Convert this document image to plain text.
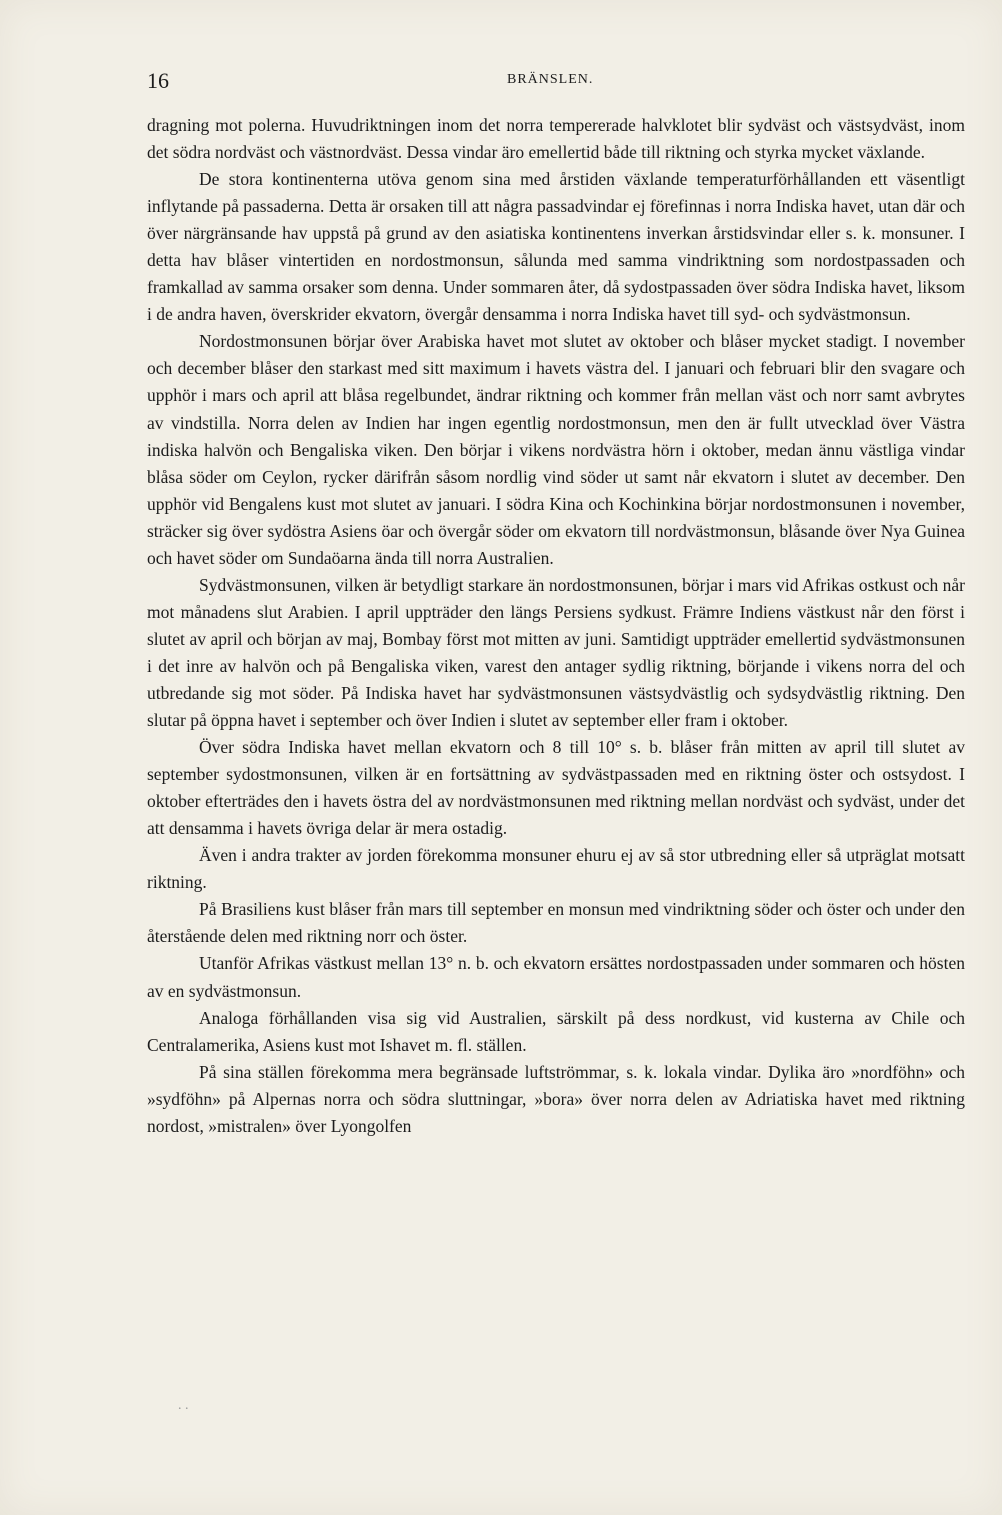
16	BRÄNSLEN.

dragning mot polerna. Huvudriktningen inom det norra tempererade halvklotet blir sydväst och västsydväst, inom det södra nordväst och västnordväst. Dessa vindar äro emellertid både till riktning och styrka mycket växlande.

De stora kontinenterna utöva genom sina med årstiden växlande temperaturförhållanden ett väsentligt inflytande på passaderna. Detta är orsaken till att några passadvindar ej förefinnas i norra Indiska havet, utan där och över närgränsande hav uppstå på grund av den asiatiska kontinentens inverkan årstidsvindar eller s. k. monsuner. I detta hav blåser vintertiden en nordostmonsun, sålunda med samma vindriktning som nordostpassaden och framkallad av samma orsaker som denna. Under sommaren åter, då sydostpassaden över södra Indiska havet, liksom i de andra haven, överskrider ekvatorn, övergår densamma i norra Indiska havet till syd- och sydvästmonsun.

Nordostmonsunen börjar över Arabiska havet mot slutet av oktober och blåser mycket stadigt. I november och december blåser den starkast med sitt maximum i havets västra del. I januari och februari blir den svagare och upphör i mars och april att blåsa regelbundet, ändrar riktning och kommer från mellan väst och norr samt avbrytes av vindstilla. Norra delen av Indien har ingen egentlig nordostmonsun, men den är fullt utvecklad över Västra indiska halvön och Bengaliska viken. Den börjar i vikens nordvästra hörn i oktober, medan ännu västliga vindar blåsa söder om Ceylon, rycker därifrån såsom nordlig vind söder ut samt når ekvatorn i slutet av december. Den upphör vid Bengalens kust mot slutet av januari. I södra Kina och Kochinkina börjar nordostmonsunen i november, sträcker sig över sydöstra Asiens öar och övergår söder om ekvatorn till nordvästmonsun, blåsande över Nya Guinea och havet söder om Sundaöarna ända till norra Australien.

Sydvästmonsunen, vilken är betydligt starkare än nordostmonsunen, börjar i mars vid Afrikas ostkust och når mot månadens slut Arabien. I april uppträder den längs Persiens sydkust. Främre Indiens västkust når den först i slutet av april och början av maj, Bombay först mot mitten av juni. Samtidigt uppträder emellertid sydvästmonsunen i det inre av halvön och på Bengaliska viken, varest den antager sydlig riktning, börjande i vikens norra del och utbredande sig mot söder. På Indiska havet har sydvästmonsunen västsydvästlig och sydsydvästlig riktning. Den slutar på öppna havet i september och över Indien i slutet av september eller fram i oktober.

Över södra Indiska havet mellan ekvatorn och 8 till 10° s. b. blåser från mitten av april till slutet av september sydostmonsunen, vilken är en fortsättning av sydvästpassaden med en riktning öster och ostsydost. I oktober efterträdes den i havets östra del av nordvästmonsunen med riktning mellan nordväst och sydväst, under det att densamma i havets övriga delar är mera ostadig.

Även i andra trakter av jorden förekomma monsuner ehuru ej av så stor utbredning eller så utpräglat motsatt riktning.

På Brasiliens kust blåser från mars till september en monsun med vindriktning söder och öster och under den återstående delen med riktning norr och öster.

Utanför Afrikas västkust mellan 13° n. b. och ekvatorn ersättes nordostpassaden under sommaren och hösten av en sydvästmonsun.

Analoga förhållanden visa sig vid Australien, särskilt på dess nordkust, vid kusterna av Chile och Centralamerika, Asiens kust mot Ishavet m. fl. ställen.

På sina ställen förekomma mera begränsade luftströmmar, s. k. lokala vindar. Dylika äro »nordföhn» och »sydföhn» på Alpernas norra och södra sluttningar, »bora» över norra delen av Adriatiska havet med riktning nordost, »mistralen» över Lyongolfen

. .
